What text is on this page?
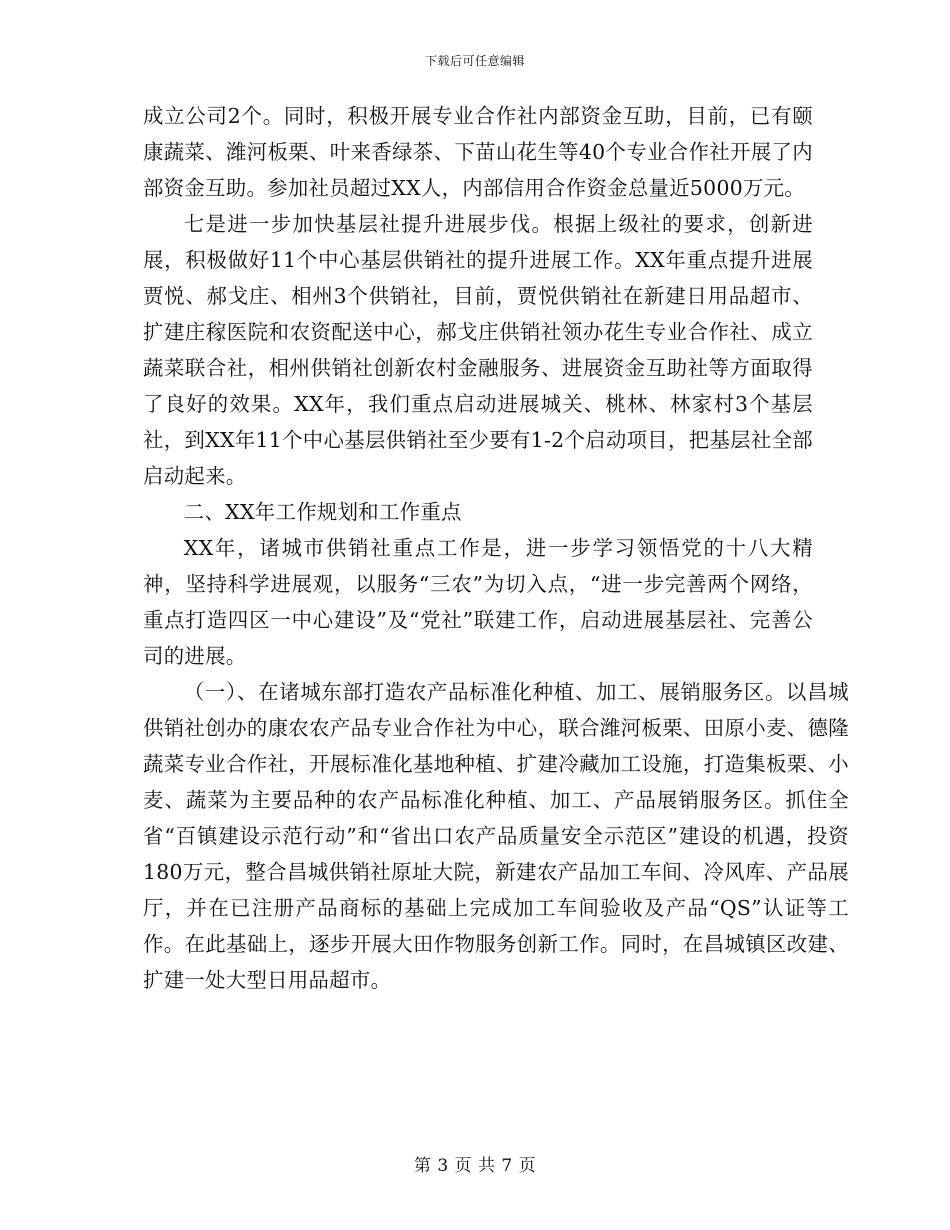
下载后可任意编辑

成立公司2个。同时，积极开展专业合作社内部资金互助，目前，已有颐康蔬菜、潍河板栗、叶来香绿茶、下苗山花生等40个专业合作社开展了内部资金互助。参加社员超过XX人，内部信用合作资金总量近5000万元。

七是进一步加快基层社提升进展步伐。根据上级社的要求，创新进展，积极做好11个中心基层供销社的提升进展工作。XX年重点提升进展贾悦、郝戈庄、相州3个供销社，目前，贾悦供销社在新建日用品超市、扩建庄稼医院和农资配送中心，郝戈庄供销社领办花生专业合作社、成立蔬菜联合社，相州供销社创新农村金融服务、进展资金互助社等方面取得了良好的效果。XX年，我们重点启动进展城关、桃林、林家村3个基层社，到XX年11个中心基层供销社至少要有1-2个启动项目，把基层社全部启动起来。

二、XX年工作规划和工作重点

XX年，诸城市供销社重点工作是，进一步学习领悟党的十八大精神，坚持科学进展观，以服务“三农”为切入点，“进一步完善两个网络，重点打造四区一中心建设”及“党社”联建工作，启动进展基层社、完善公司的进展。

（一）、在诸城东部打造农产品标准化种植、加工、展销服务区。以昌城供销社创办的康农农产品专业合作社为中心，联合潍河板栗、田原小麦、德隆蔬菜专业合作社，开展标准化基地种植、扩建冷藏加工设施，打造集板栗、小麦、蔬菜为主要品种的农产品标准化种植、加工、产品展销服务区。抓住全省“百镇建设示范行动”和“省出口农产品质量安全示范区”建设的机遇，投资180万元，整合昌城供销社原址大院，新建农产品加工车间、冷风库、产品展厅，并在已注册产品商标的基础上完成加工车间验收及产品“QS”认证等工作。在此基础上，逐步开展大田作物服务创新工作。同时，在昌城镇区改建、扩建一处大型日用品超市。

第 3 页 共 7 页
